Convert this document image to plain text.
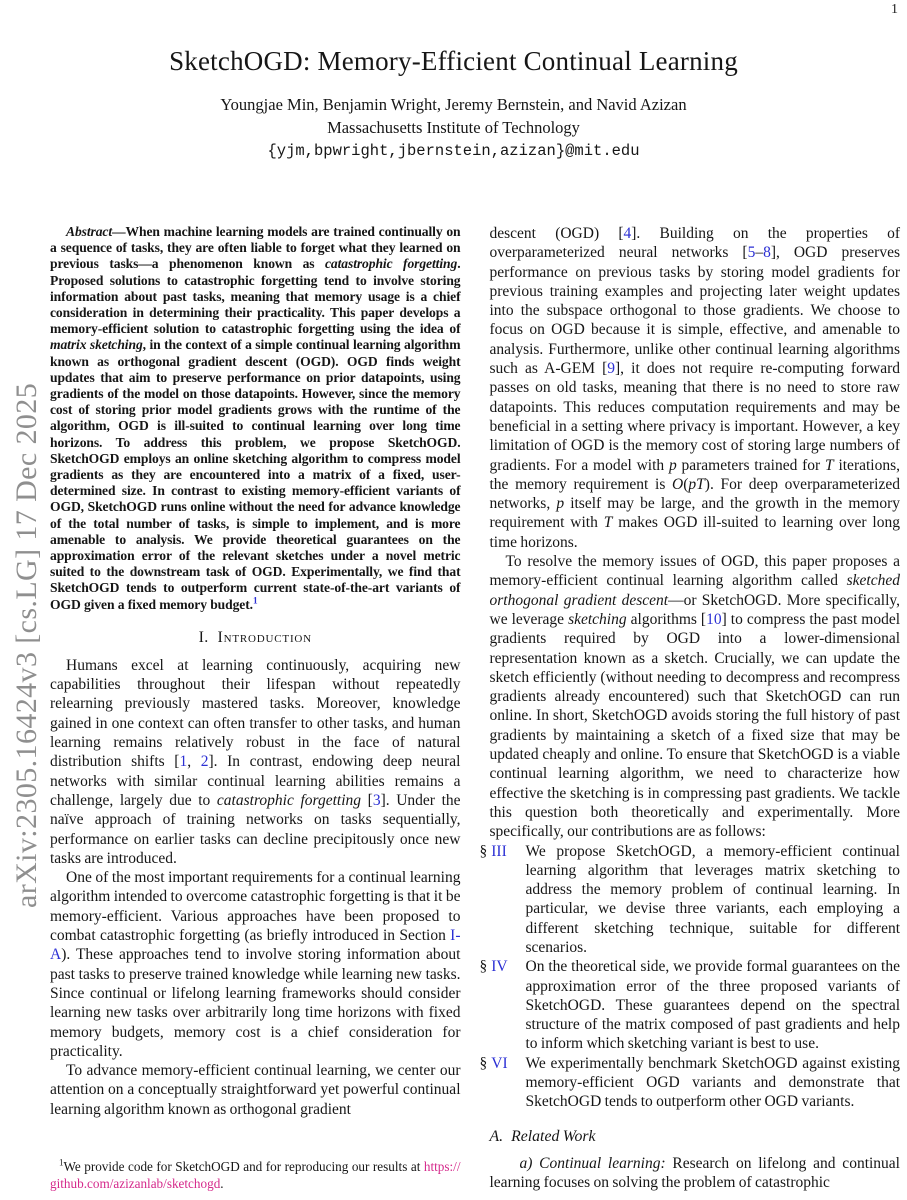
1
arXiv:2305.16424v3 [cs.LG] 17 Dec 2025
SketchOGD: Memory-Efficient Continual Learning
Youngjae Min, Benjamin Wright, Jeremy Bernstein, and Navid Azizan
Massachusetts Institute of Technology
{yjm,bpwright,jbernstein,azizan}@mit.edu

Abstract—When machine learning models are trained continually on a sequence of tasks, they are often liable to forget what they learned on previous tasks—a phenomenon known as catastrophic forgetting. Proposed solutions to catastrophic forgetting tend to involve storing information about past tasks, meaning that memory usage is a chief consideration in determining their practicality. This paper develops a memory-efficient solution to catastrophic forgetting using the idea of matrix sketching, in the context of a simple continual learning algorithm known as orthogonal gradient descent (OGD). OGD finds weight updates that aim to preserve performance on prior datapoints, using gradients of the model on those datapoints. However, since the memory cost of storing prior model gradients grows with the runtime of the algorithm, OGD is ill-suited to continual learning over long time horizons. To address this problem, we propose SketchOGD. SketchOGD employs an online sketching algorithm to compress model gradients as they are encountered into a matrix of a fixed, user-determined size. In contrast to existing memory-efficient variants of OGD, SketchOGD runs online without the need for advance knowledge of the total number of tasks, is simple to implement, and is more amenable to analysis. We provide theoretical guarantees on the approximation error of the relevant sketches under a novel metric suited to the downstream task of OGD. Experimentally, we find that SketchOGD tends to outperform current state-of-the-art variants of OGD given a fixed memory budget.$^1$

I. Introduction

Humans excel at learning continuously, acquiring new capabilities throughout their lifespan without repeatedly relearning previously mastered tasks. Moreover, knowledge gained in one context can often transfer to other tasks, and human learning remains relatively robust in the face of natural distribution shifts [1, 2]. In contrast, endowing deep neural networks with similar continual learning abilities remains a challenge, largely due to catastrophic forgetting [3]. Under the naïve approach of training networks on tasks sequentially, performance on earlier tasks can decline precipitously once new tasks are introduced.

One of the most important requirements for a continual learning algorithm intended to overcome catastrophic forgetting is that it be memory-efficient. Various approaches have been proposed to combat catastrophic forgetting (as briefly introduced in Section I-A). These approaches tend to involve storing information about past tasks to preserve trained knowledge while learning new tasks. Since continual or lifelong learning frameworks should consider learning new tasks over arbitrarily long time horizons with fixed memory budgets, memory cost is a chief consideration for practicality.

To advance memory-efficient continual learning, we center our attention on a conceptually straightforward yet powerful continual learning algorithm known as orthogonal gradient

$^1$We provide code for SketchOGD and for reproducing our results at https://github.com/azizanlab/sketchogd.

descent (OGD) [4]. Building on the properties of overparameterized neural networks [5–8], OGD preserves performance on previous tasks by storing model gradients for previous training examples and projecting later weight updates into the subspace orthogonal to those gradients. We choose to focus on OGD because it is simple, effective, and amenable to analysis. Furthermore, unlike other continual learning algorithms such as A-GEM [9], it does not require re-computing forward passes on old tasks, meaning that there is no need to store raw datapoints. This reduces computation requirements and may be beneficial in a setting where privacy is important. However, a key limitation of OGD is the memory cost of storing large numbers of gradients. For a model with p parameters trained for T iterations, the memory requirement is O(pT). For deep overparameterized networks, p itself may be large, and the growth in the memory requirement with T makes OGD ill-suited to learning over long time horizons.

To resolve the memory issues of OGD, this paper proposes a memory-efficient continual learning algorithm called sketched orthogonal gradient descent—or SketchOGD. More specifically, we leverage sketching algorithms [10] to compress the past model gradients required by OGD into a lower-dimensional representation known as a sketch. Crucially, we can update the sketch efficiently (without needing to decompress and recompress gradients already encountered) such that SketchOGD can run online. In short, SketchOGD avoids storing the full history of past gradients by maintaining a sketch of a fixed size that may be updated cheaply and online. To ensure that SketchOGD is a viable continual learning algorithm, we need to characterize how effective the sketching is in compressing past gradients. We tackle this question both theoretically and experimentally. More specifically, our contributions are as follows:

§ III We propose SketchOGD, a memory-efficient continual learning algorithm that leverages matrix sketching to address the memory problem of continual learning. In particular, we devise three variants, each employing a different sketching technique, suitable for different scenarios.
§ IV On the theoretical side, we provide formal guarantees on the approximation error of the three proposed variants of SketchOGD. These guarantees depend on the spectral structure of the matrix composed of past gradients and help to inform which sketching variant is best to use.
§ VI We experimentally benchmark SketchOGD against existing memory-efficient OGD variants and demonstrate that SketchOGD tends to outperform other OGD variants.
A. Related Work

a) Continual learning: Research on lifelong and continual learning focuses on solving the problem of catastrophic
